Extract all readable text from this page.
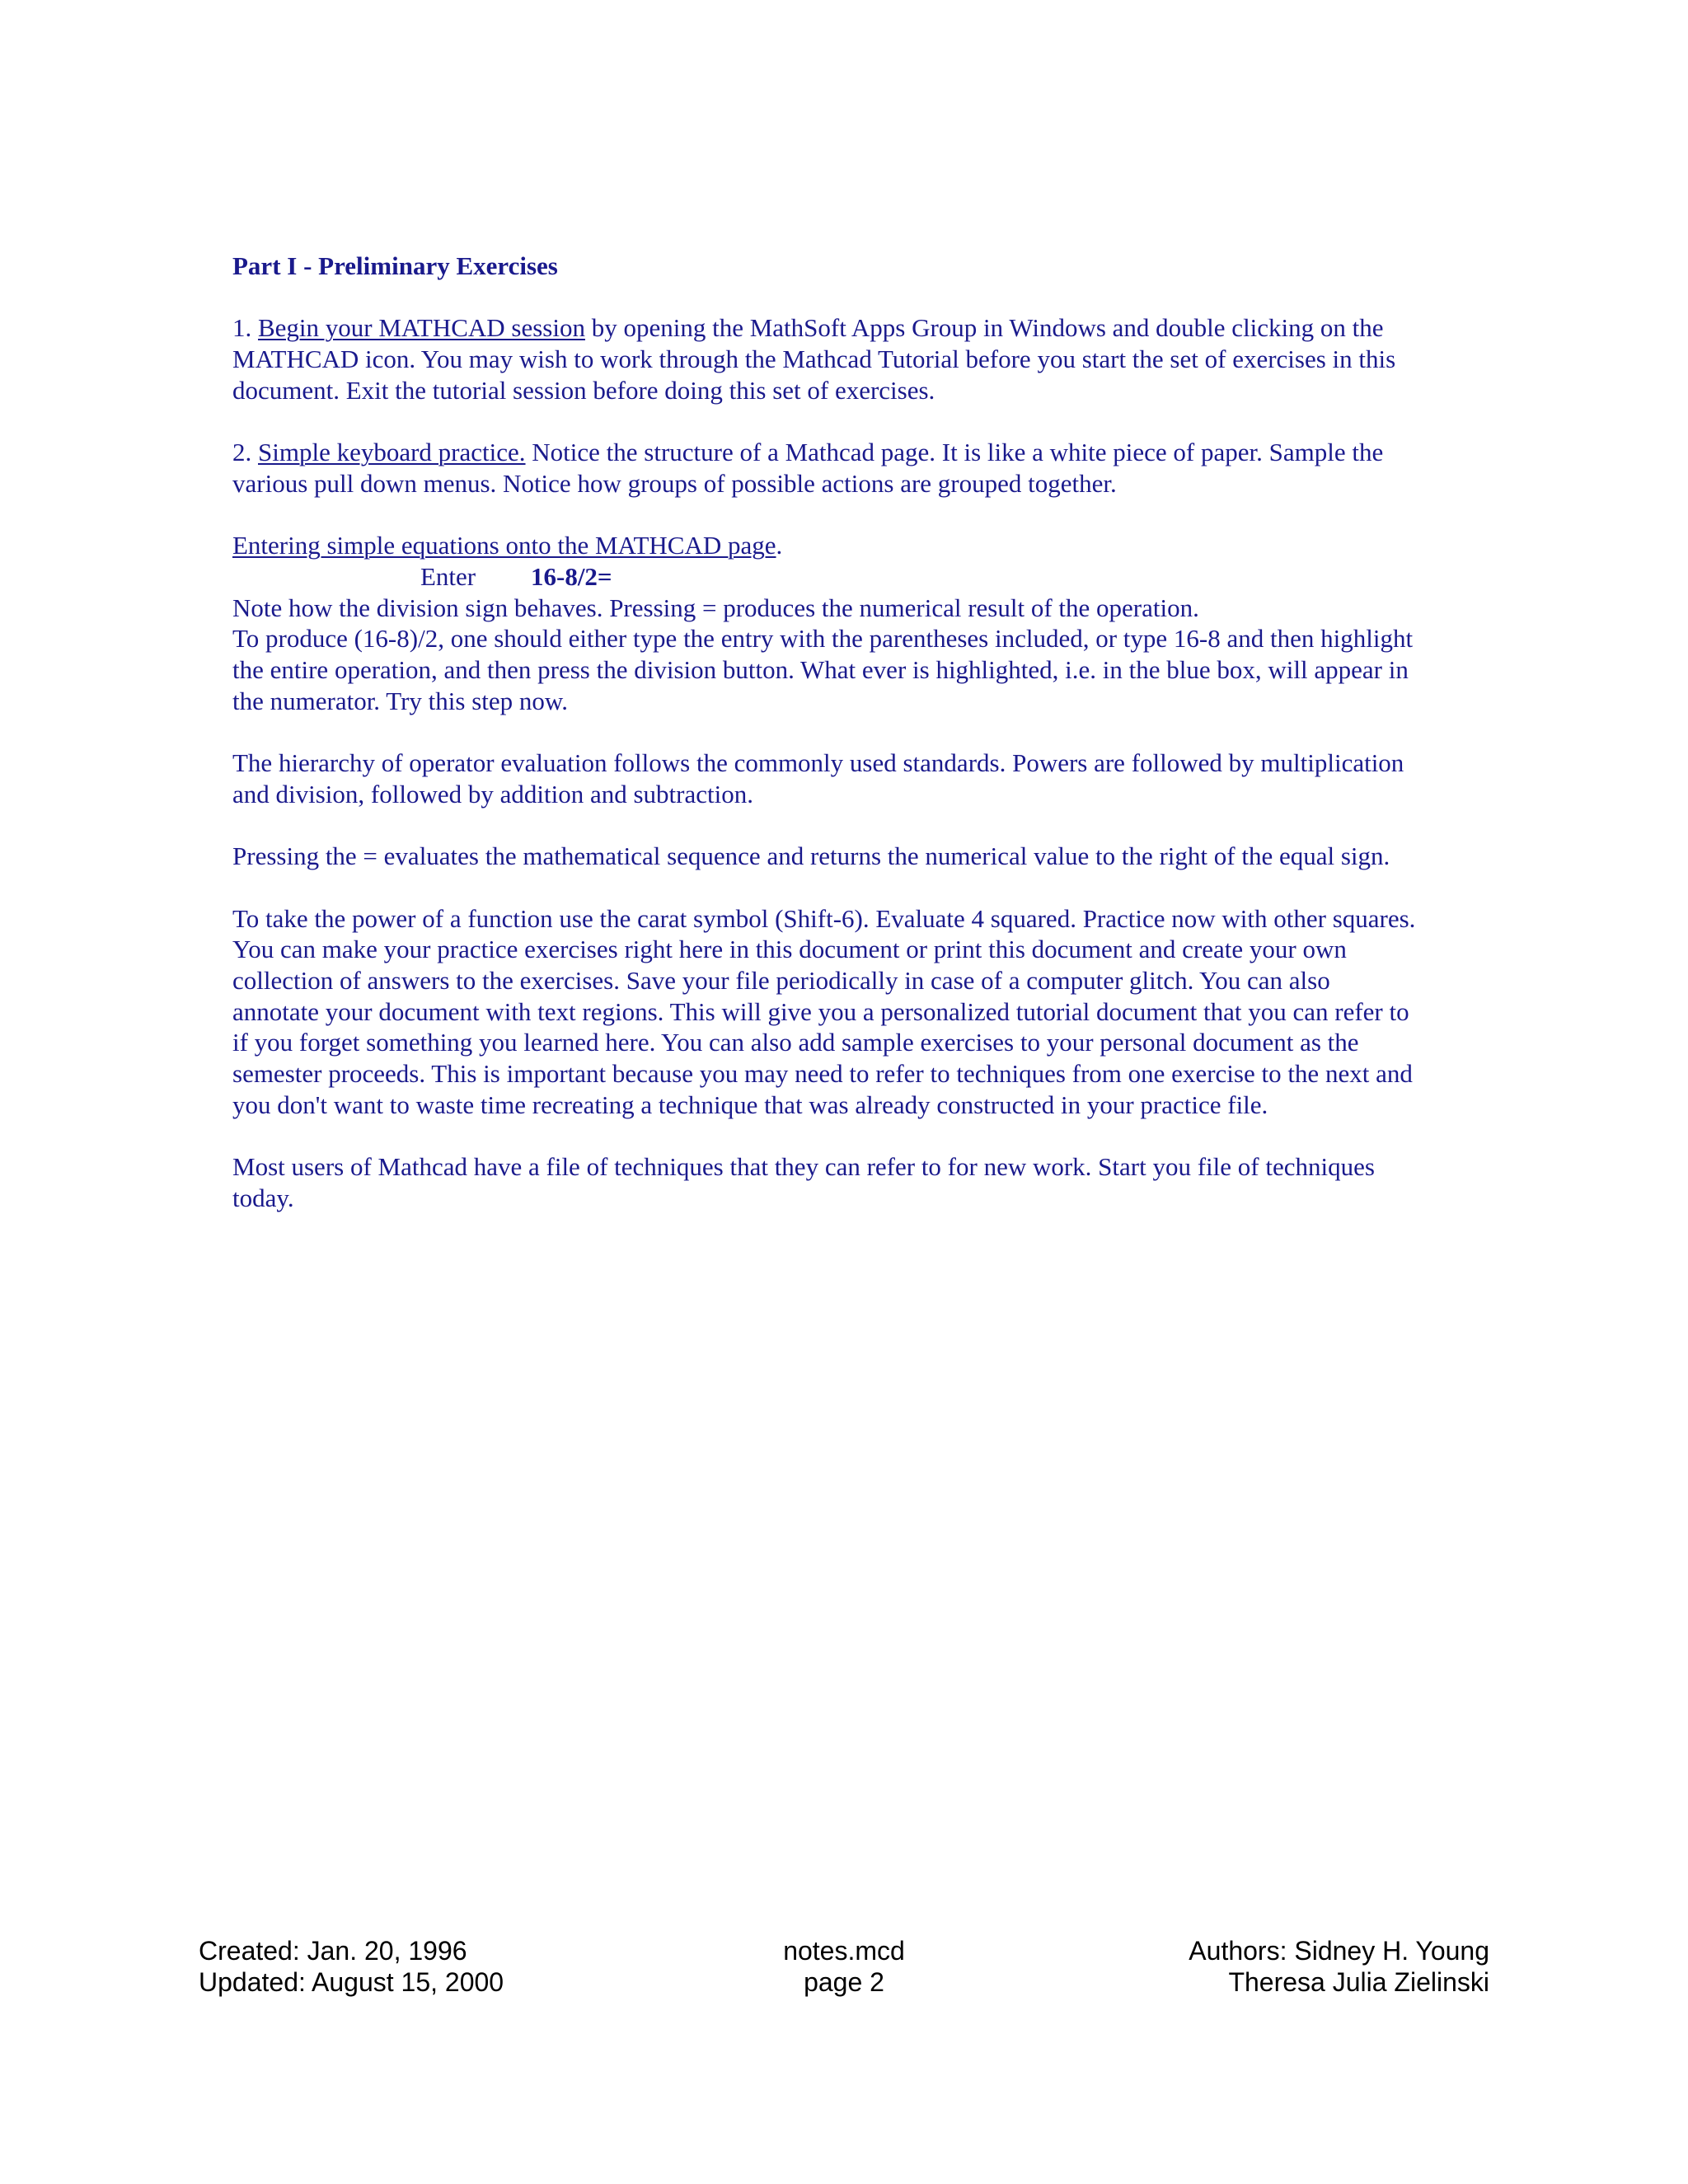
Part I - Preliminary Exercises
1. Begin your MATHCAD session by opening the MathSoft Apps Group in Windows and double clicking on the MATHCAD icon. You may wish to work through the Mathcad Tutorial before you start the set of exercises in this document. Exit the tutorial session before doing this set of exercises.
2. Simple keyboard practice. Notice the structure of a Mathcad page. It is like a white piece of paper. Sample the various pull down menus. Notice how groups of possible actions are grouped together.
Entering simple equations onto the MATHCAD page.
Enter 16-8/2=
Note how the division sign behaves. Pressing = produces the numerical result of the operation.
To produce (16-8)/2, one should either type the entry with the parentheses included, or type 16-8 and then highlight the entire operation, and then press the division button. What ever is highlighted, i.e. in the blue box, will appear in the numerator. Try this step now.
The hierarchy of operator evaluation follows the commonly used standards. Powers are followed by multiplication and division, followed by addition and subtraction.
Pressing the = evaluates the mathematical sequence and returns the numerical value to the right of the equal sign.
To take the power of a function use the carat symbol (Shift-6). Evaluate 4 squared. Practice now with other squares. You can make your practice exercises right here in this document or print this document and create your own collection of answers to the exercises. Save your file periodically in case of a computer glitch. You can also annotate your document with text regions. This will give you a personalized tutorial document that you can refer to if you forget something you learned here. You can also add sample exercises to your personal document as the semester proceeds. This is important because you may need to refer to techniques from one exercise to the next and you don't want to waste time recreating a technique that was already constructed in your practice file.
Most users of Mathcad have a file of techniques that they can refer to for new work. Start you file of techniques today.
Created: Jan. 20, 1996
Updated: August 15, 2000
notes.mcd
page 2
Authors: Sidney H. Young
Theresa Julia Zielinski
